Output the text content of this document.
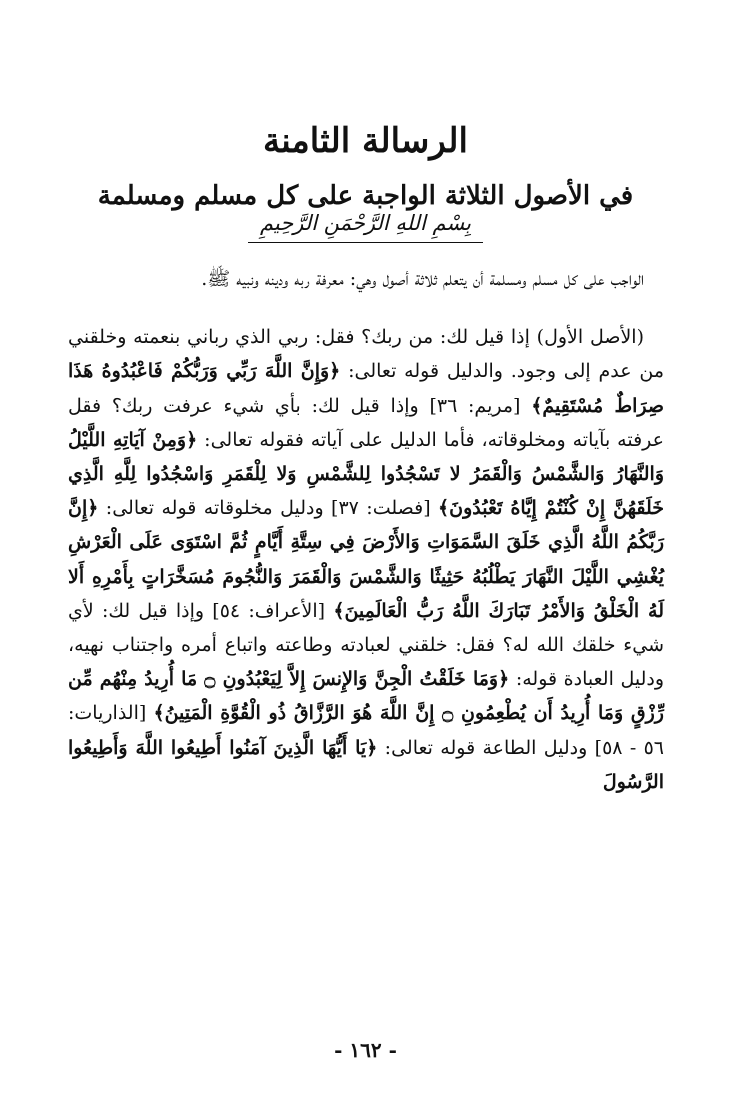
الرسالة الثامنة
في الأصول الثلاثة الواجبة على كل مسلم ومسلمة
بِسْمِ اللهِ الرَّحْمَنِ الرَّحِيمِ

الواجب على كل مسلم ومسلمة أن يتعلم ثلاثة أصول وهي: معرفة ربه ودينه ونبيه ﷺ.

(الأصل الأول) إذا قيل لك: من ربك؟ فقل: ربي الذي رباني بنعمته وخلقني من عدم إلى وجود. والدليل قوله تعالى: ﴿وَإِنَّ اللَّهَ رَبِّي وَرَبُّكُمْ فَاعْبُدُوهُ هَذَا صِرَاطٌ مُسْتَقِيمٌ﴾ [مريم: ٣٦] وإذا قيل لك: بأي شيء عرفت ربك؟ فقل عرفته بآياته ومخلوقاته، فأما الدليل على آياته فقوله تعالى: ﴿وَمِنْ آيَاتِهِ اللَّيْلُ وَالنَّهَارُ وَالشَّمْسُ وَالْقَمَرُ لا تَسْجُدُوا لِلشَّمْسِ وَلا لِلْقَمَرِ وَاسْجُدُوا لِلَّهِ الَّذِي خَلَقَهُنَّ إِنْ كُنْتُمْ إِيَّاهُ تَعْبُدُونَ﴾ [فصلت: ٣٧] ودليل مخلوقاته قوله تعالى: ﴿إِنَّ رَبَّكُمُ اللَّهُ الَّذِي خَلَقَ السَّمَوَاتِ وَالأَرْضَ فِي سِتَّةِ أَيَّامٍ ثُمَّ اسْتَوَى عَلَى الْعَرْشِ يُغْشِي اللَّيْلَ النَّهَارَ يَطْلُبُهُ حَثِيثًا وَالشَّمْسَ وَالْقَمَرَ وَالنُّجُومَ مُسَخَّرَاتٍ بِأَمْرِهِ أَلا لَهُ الْخَلْقُ وَالأَمْرُ تَبَارَكَ اللَّهُ رَبُّ الْعَالَمِينَ﴾ [الأعراف: ٥٤] وإذا قيل لك: لأي شيء خلقك الله له؟ فقل: خلقني لعبادته وطاعته واتباع أمره واجتناب نهيه، ودليل العبادة قوله: ﴿وَمَا خَلَقْتُ الْجِنَّ وَالإِنسَ إِلاَّ لِيَعْبُدُونِ ۝ مَا أُرِيدُ مِنْهُم مِّن رِّزْقٍ وَمَا أُرِيدُ أَن يُطْعِمُونِ ۝ إِنَّ اللَّهَ هُوَ الرَّزَّاقُ ذُو الْقُوَّةِ الْمَتِينُ﴾ [الذاريات: ٥٦ - ٥٨] ودليل الطاعة قوله تعالى: ﴿يَا أَيُّهَا الَّذِينَ آمَنُوا أَطِيعُوا اللَّهَ وَأَطِيعُوا الرَّسُولَ

- ١٦٢ -
